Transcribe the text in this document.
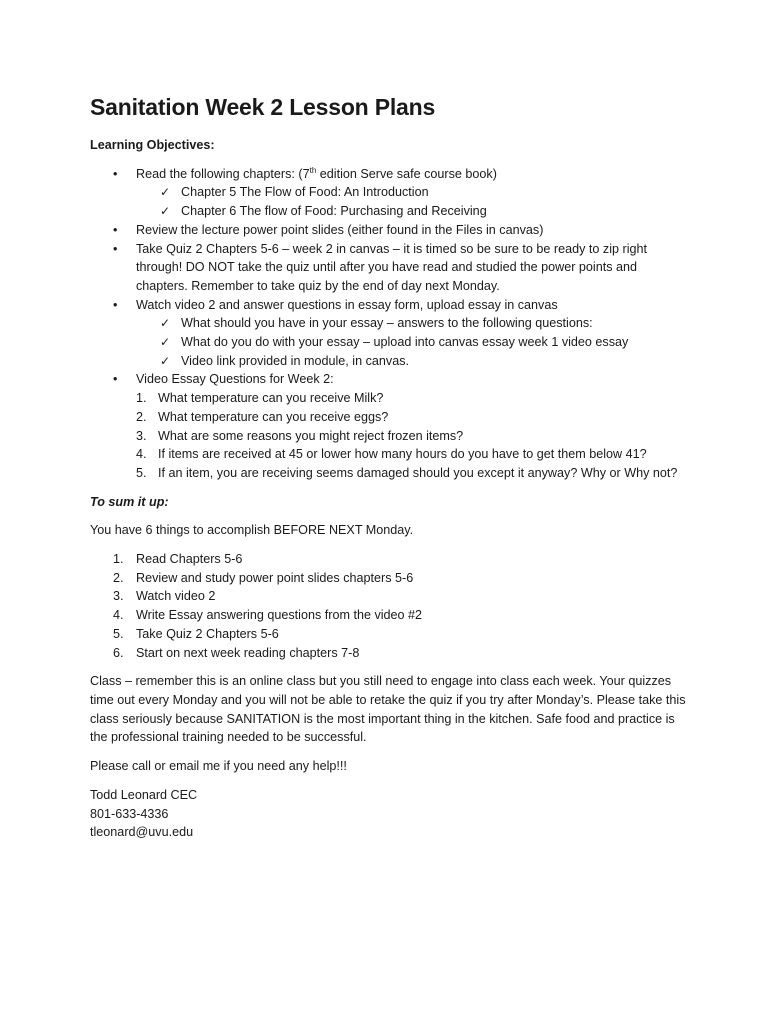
Sanitation Week 2 Lesson Plans
Learning Objectives:
• Read the following chapters: (7th edition Serve safe course book)
✓ Chapter 5 The Flow of Food: An Introduction
✓ Chapter 6 The flow of Food: Purchasing and Receiving
• Review the lecture power point slides (either found in the Files in canvas)
• Take Quiz 2 Chapters 5-6 – week 2 in canvas – it is timed so be sure to be ready to zip right through! DO NOT take the quiz until after you have read and studied the power points and chapters. Remember to take quiz by the end of day next Monday.
• Watch video 2 and answer questions in essay form, upload essay in canvas
✓ What should you have in your essay – answers to the following questions:
✓ What do you do with your essay – upload into canvas essay week 1 video essay
✓ Video link provided in module, in canvas.
• Video Essay Questions for Week 2:
1. What temperature can you receive Milk?
2. What temperature can you receive eggs?
3. What are some reasons you might reject frozen items?
4. If items are received at 45 or lower how many hours do you have to get them below 41?
5. If an item, you are receiving seems damaged should you except it anyway? Why or Why not?
To sum it up:

You have 6 things to accomplish BEFORE NEXT Monday.

1. Read Chapters 5-6
2. Review and study power point slides chapters 5-6
3. Watch video 2
4. Write Essay answering questions from the video #2
5. Take Quiz 2 Chapters 5-6
6. Start on next week reading chapters 7-8

Class – remember this is an online class but you still need to engage into class each week. Your quizzes time out every Monday and you will not be able to retake the quiz if you try after Monday’s. Please take this class seriously because SANITATION is the most important thing in the kitchen. Safe food and practice is the professional training needed to be successful.

Please call or email me if you need any help!!!

Todd Leonard CEC
801-633-4336
tleonard@uvu.edu
